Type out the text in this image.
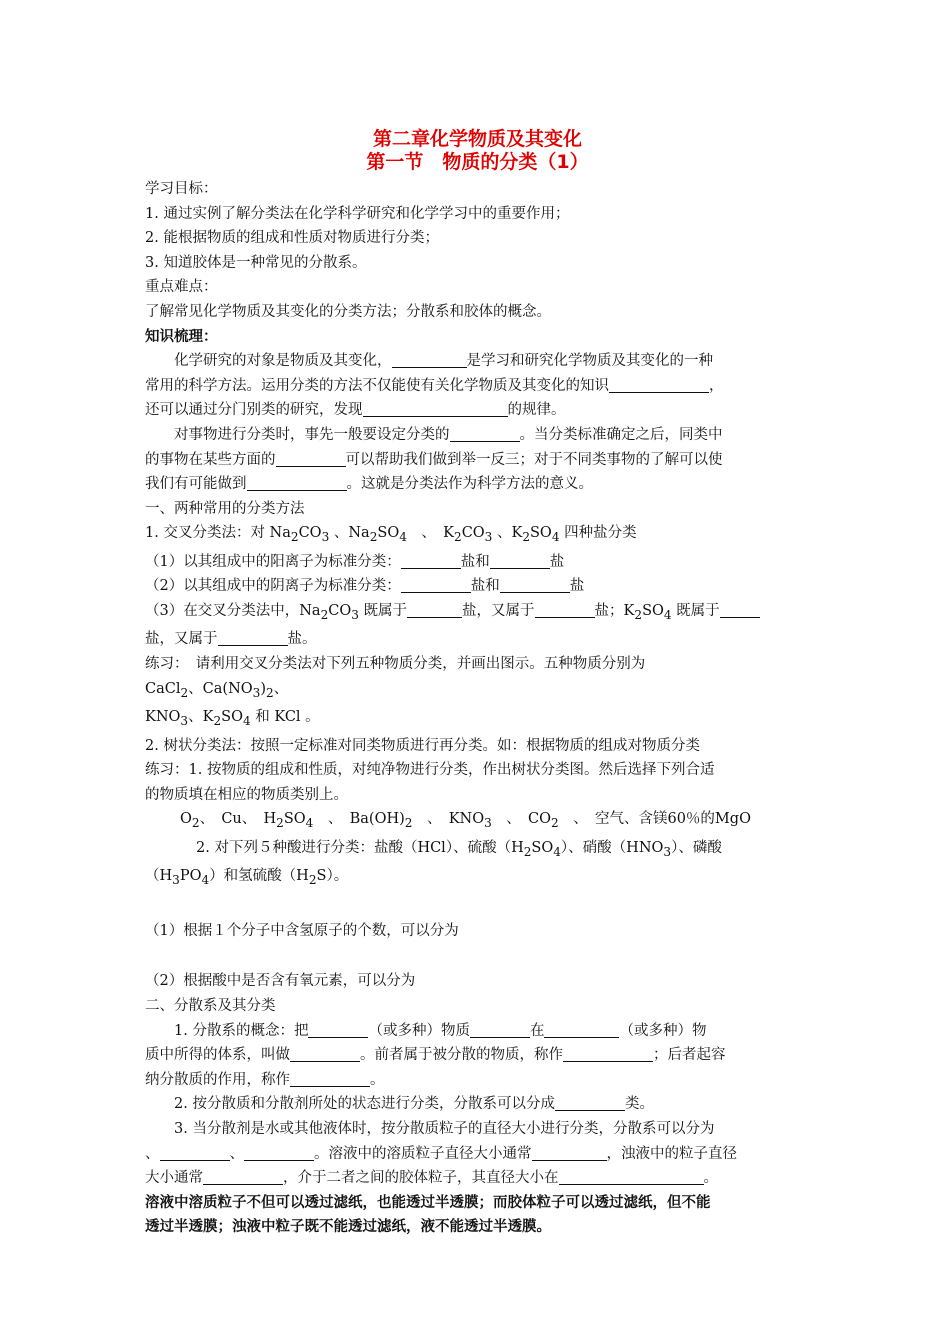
第二章化学物质及其变化
第一节　物质的分类（1）

学习目标：

1. 通过实例了解分类法在化学科学研究和化学学习中的重要作用；

2. 能根据物质的组成和性质对物质进行分类；

3. 知道胶体是一种常见的分散系。

重点难点：

了解常见化学物质及其变化的分类方法；分散系和胶体的概念。

知识梳理：

化学研究的对象是物质及其变化，	是学习和研究化学物质及其变化的一种

常用的科学方法。运用分类的方法不仅能使有关化学物质及其变化的知识	，

还可以通过分门别类的研究，发现	的规律。

对事物进行分类时，事先一般要设定分类的	。当分类标准确定之后，同类中

的事物在某些方面的	可以帮助我们做到举一反三；对于不同类事物的了解可以使

我们有可能做到	。这就是分类法作为科学方法的意义。

一、两种常用的分类方法

1. 交叉分类法：对 $Na_2CO_3$ 、$Na_2SO_4$　、　$K_2CO_3$ 、$K_2SO_4$ 四种盐分类

（1）以其组成中的阳离子为标准分类：	盐和	盐

（2）以其组成中的阴离子为标准分类：	盐和	盐

（3）在交叉分类法中，$Na_2CO_3$ 既属于	盐，又属于	盐；$K_2SO_4$ 既属于

盐，又属于	盐。

练习：　请利用交叉分类法对下列五种物质分类，并画出图示。五种物质分别为

CaCl$_2$、$Ca(NO_3)_2$、

$KNO_3$、$K_2SO_4$ 和 KCl 。

2. 树状分类法：按照一定标准对同类物质进行再分类。如：根据物质的组成对物质分类

练习：1. 按物质的组成和性质，对纯净物进行分类，作出树状分类图。然后选择下列合适

的物质填在相应的物质类别上。

$O_2$、　Cu、　$H_2SO_4$　、　$Ba(OH)_2$　、　$KNO_3$　、　$CO_2$　、　空气、含镁60％的MgO

2. 对下列５种酸进行分类：盐酸（HCl）、硫酸$(H_2SO_4)$、硝酸$(HNO_3)$、磷酸

$(H_3PO_4)$和氢硫酸$(H_2S)$。

（1）根据１个分子中含氢原子的个数，可以分为

（2）根据酸中是否含有氧元素，可以分为

二、分散系及其分类

1. 分散系的概念：把	（或多种）物质	在	（或多种）物

质中所得的体系，叫做	。前者属于被分散的物质，称作	；后者起容

纳分散质的作用，称作	。

2. 按分散质和分散剂所处的状态进行分类，分散系可以分成	类。

3. 当分散剂是水或其他液体时，按分散质粒子的直径大小进行分类，分散系可以分为

、	、	。溶液中的溶质粒子直径大小通常	，浊液中的粒子直径

大小通常	，介于二者之间的胶体粒子，其直径大小在	。

溶液中溶质粒子不但可以透过滤纸，也能透过半透膜；而胶体粒子可以透过滤纸，但不能

透过半透膜；浊液中粒子既不能透过滤纸，液不能透过半透膜。
